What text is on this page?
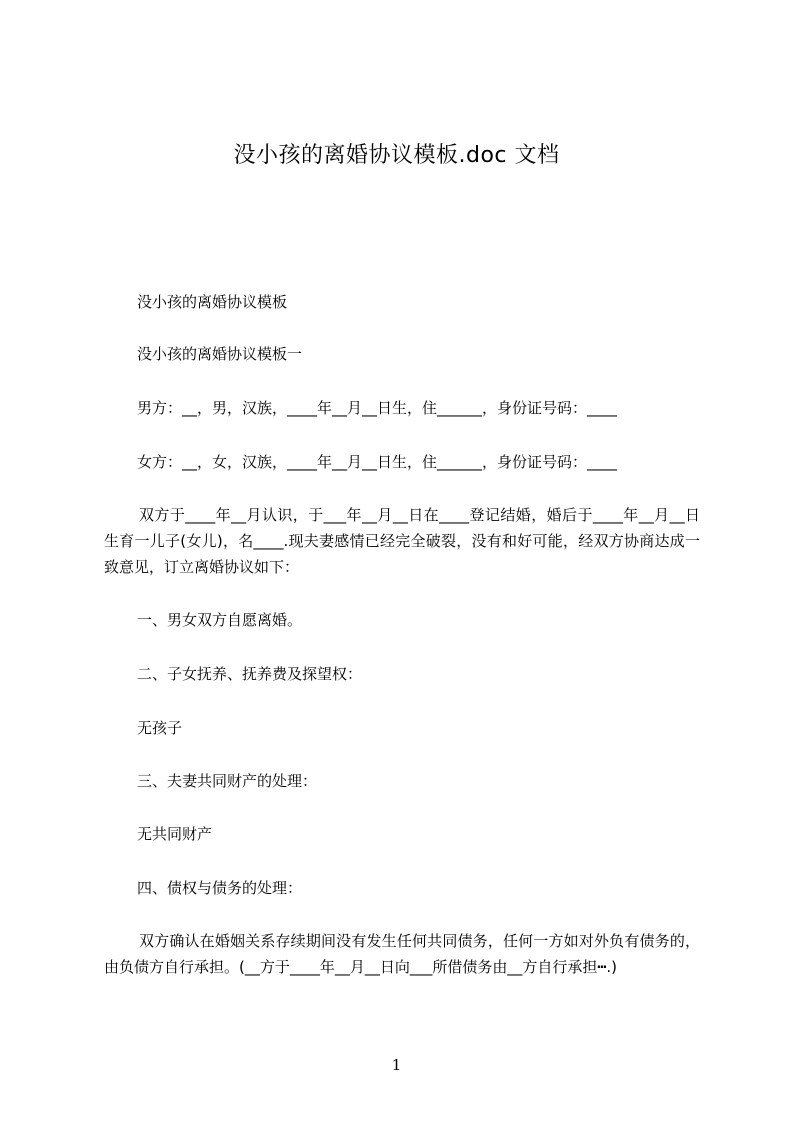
没小孩的离婚协议模板.doc 文档
没小孩的离婚协议模板
没小孩的离婚协议模板一
男方：__，男，汉族，____年__月__日生，住______，身份证号码：____
女方：__，女，汉族，____年__月__日生，住______，身份证号码：____
双方于____年__月认识，于___年__月__日在____登记结婚，婚后于____年__月__日生育一儿子(女儿)，名____.现夫妻感情已经完全破裂，没有和好可能，经双方协商达成一致意见，订立离婚协议如下：
一、男女双方自愿离婚。
二、子女抚养、抚养费及探望权：
无孩子
三、夫妻共同财产的处理：
无共同财产
四、债权与债务的处理：
双方确认在婚姻关系存续期间没有发生任何共同债务，任何一方如对外负有债务的，由负债方自行承担。(__方于____年__月__日向___所借债务由__方自行承担┅.)
1
